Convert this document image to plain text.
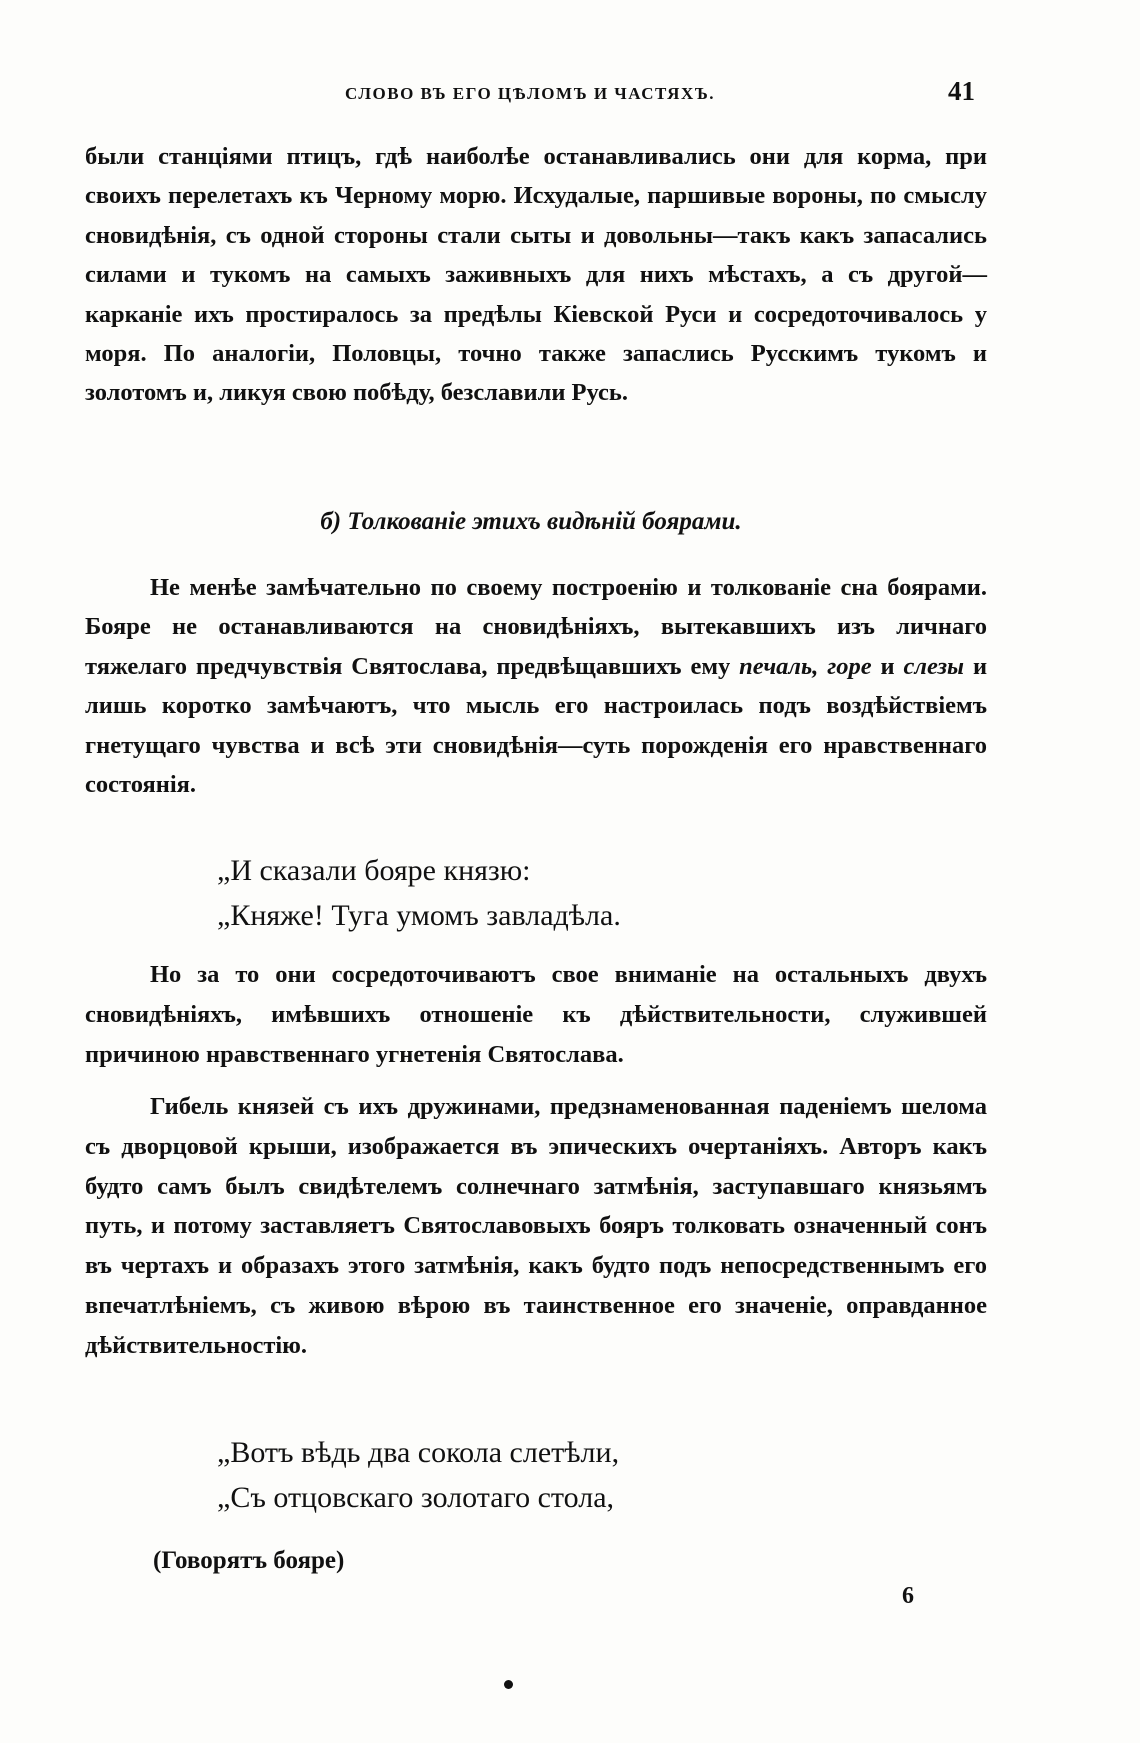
СЛОВО ВЪ ЕГО ЦѢЛОМЪ И ЧАСТЯХЪ.	41
были станціями птицъ, гдѣ наиболѣе останавливались они для корма, при своихъ перелетахъ къ Черному морю. Исхудалые, паршивые вороны, по смыслу сновидѣнія, съ одной стороны стали сыты и довольны—такъ какъ запасались силами и тукомъ на самыхъ заживныхъ для нихъ мѣстахъ, а съ другой—карканіе ихъ простиралось за предѣлы Кіевской Руси и сосредоточивалось у моря. По аналогіи, Половцы, точно также запаслись Русскимъ тукомъ и золотомъ и, ликуя свою побѣду, безславили Русь.
б) Толкованіе этихъ видѣній боярами.
Не менѣе замѣчательно по своему построенію и толкованіе сна боярами. Бояре не останавливаются на сновидѣніяхъ, вытекавшихъ изъ личнаго тяжелаго предчувствія Святослава, предвѣщавшихъ ему печаль, горе и слезы и лишь коротко замѣчаютъ, что мысль его настроилась подъ воздѣйствіемъ гнетущаго чувства и всѣ эти сновидѣнія—суть порожденія его нравственнаго состоянія.
„И сказали бояре князю:
„Княже! Туга умомъ завладѣла.
Но за то они сосредоточиваютъ свое вниманіе на остальныхъ двухъ сновидѣніяхъ, имѣвшихъ отношеніе къ дѣйствительности, служившей причиною нравственнаго угнетенія Святослава.
Гибель князей съ ихъ дружинами, предзнаменованная паденіемъ шелома съ дворцовой крыши, изображается въ эпическихъ очертаніяхъ. Авторъ какъ будто самъ былъ свидѣтелемъ солнечнаго затмѣнія, заступавшаго князьямъ путь, и потому заставляетъ Святославовыхъ бояръ толковать означенный сонъ въ чертахъ и образахъ этого затмѣнія, какъ будто подъ непосредственнымъ его впечатлѣніемъ, съ живою вѣрою въ таинственное его значеніе, оправданное дѣйствительностію.
„Вотъ вѣдь два сокола слетѣли,
„Съ отцовскаго золотаго стола,
(Говорятъ бояре)
6
